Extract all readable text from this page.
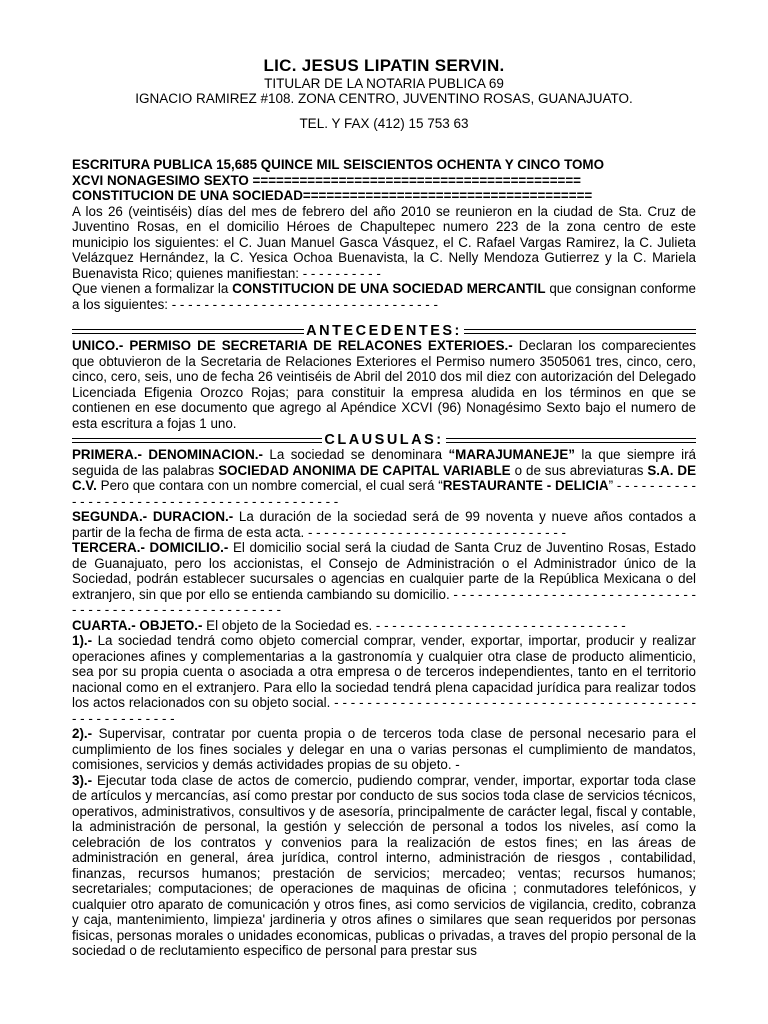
LIC. JESUS LIPATIN SERVIN.
TITULAR DE LA NOTARIA PUBLICA 69
IGNACIO RAMIREZ #108. ZONA CENTRO, JUVENTINO ROSAS, GUANAJUATO.
TEL. Y FAX (412) 15 753 63
ESCRITURA PUBLICA 15,685 QUINCE MIL SEISCIENTOS OCHENTA Y CINCO TOMO
XCVI NONAGESIMO SEXTO ==========================================
CONSTITUCION DE UNA SOCIEDAD=====================================

A los 26 (veintiséis) días del mes de febrero del año 2010 se reunieron en la ciudad de Sta. Cruz de Juventino Rosas, en el domicilio Héroes de Chapultepec numero 223 de la zona centro de este municipio los siguientes: el C. Juan Manuel Gasca Vásquez, el C. Rafael Vargas Ramirez, la C. Julieta Velázquez Hernández, la C. Yesica Ochoa Buenavista, la C. Nelly Mendoza Gutierrez y la C. Mariela Buenavista Rico; quienes manifiestan: - - - - - - - - - -

Que vienen a formalizar la CONSTITUCION DE UNA SOCIEDAD MERCANTIL que consignan conforme a los siguientes: - - - - - - - - - - - - - - - - - - - - - - - - - - - - - - - - -

ANTECEDENTES:

UNICO.- PERMISO DE SECRETARIA DE RELACONES EXTERIOES.- Declaran los comparecientes que obtuvieron de la Secretaria de Relaciones Exteriores el Permiso numero 3505061 tres, cinco, cero, cinco, cero, seis, uno de fecha 26 veintiséis de Abril del 2010 dos mil diez con autorización del Delegado Licenciada Efigenia Orozco Rojas; para constituir la empresa aludida en los términos en que se contienen en ese documento que agrego al Apéndice XCVI (96) Nonagésimo Sexto bajo el numero de esta escritura a fojas 1 uno.

CLAUSULAS:

PRIMERA.- DENOMINACION.- La sociedad se denominara “MARAJUMANEJE” la que siempre irá seguida de las palabras SOCIEDAD ANONIMA DE CAPITAL VARIABLE o de sus abreviaturas S.A. DE C.V. Pero que contara con un nombre comercial, el cual será “RESTAURANTE - DELICIA” - - - - - - - - - - - - - - - - - - - - - - - - - - - - - - - - - - - - - - - - - - -

SEGUNDA.- DURACION.- La duración de la sociedad será de 99 noventa y nueve años contados a partir de la fecha de firma de esta acta. - - - - - - - - - - - - - - - - - - - - - - - - - - - - - - - -

TERCERA.- DOMICILIO.- El domicilio social será la ciudad de Santa Cruz de Juventino Rosas, Estado de Guanajuato, pero los accionistas, el Consejo de Administración o el Administrador único de la Sociedad, podrán establecer sucursales o agencias en cualquier parte de la República Mexicana o del extranjero, sin que por ello se entienda cambiando su domicilio. - - - - - - - - - - - - - - - - - - - - - - - - - - - - - - - - - - - - - - - - - - - - - - - - - - - - - - - -

CUARTA.- OBJETO.- El objeto de la Sociedad es. - - - - - - - - - - - - - - - - - - - - - - - - - - - - - - -

1).- La sociedad tendrá como objeto comercial comprar, vender, exportar, importar, producir y realizar operaciones afines y complementarias a la gastronomía y cualquier otra clase de producto alimenticio, sea por su propia cuenta o asociada a otra empresa o de terceros independientes, tanto en el territorio nacional como en el extranjero. Para ello la sociedad tendrá plena capacidad jurídica para realizar todos los actos relacionados con su objeto social. - - - - - - - - - - - - - - - - - - - - - - - - - - - - - - - - - - - - - - - - - - - - - - - - - - - - - - - - -

2).- Supervisar, contratar por cuenta propia o de terceros toda clase de personal necesario para el cumplimiento de los fines sociales y delegar en una o varias personas el cumplimiento de mandatos, comisiones, servicios y demás actividades propias de su objeto. -

3).- Ejecutar toda clase de actos de comercio, pudiendo comprar, vender, importar, exportar toda clase de artículos y mercancías, así como prestar por conducto de sus socios toda clase de servicios técnicos, operativos, administrativos, consultivos y de asesoría, principalmente de carácter legal, fiscal y contable, la administración de personal, la gestión y selección de personal a todos los niveles, así como la celebración de los contratos y convenios para la realización de estos fines; en las áreas de administración en general, área jurídica, control interno, administración de riesgos , contabilidad, finanzas, recursos humanos; prestación de servicios; mercadeo; ventas; recursos humanos; secretariales; computaciones; de operaciones de maquinas de oficina ; conmutadores telefónicos, y cualquier otro aparato de comunicación y otros fines, asi como servicios de vigilancia, credito, cobranza y caja, mantenimiento, limpieza' jardineria y otros afines o similares que sean requeridos por personas fisicas, personas morales o unidades economicas, publicas o privadas, a traves del propio personal de la sociedad o de reclutamiento especifico de personal para prestar sus
